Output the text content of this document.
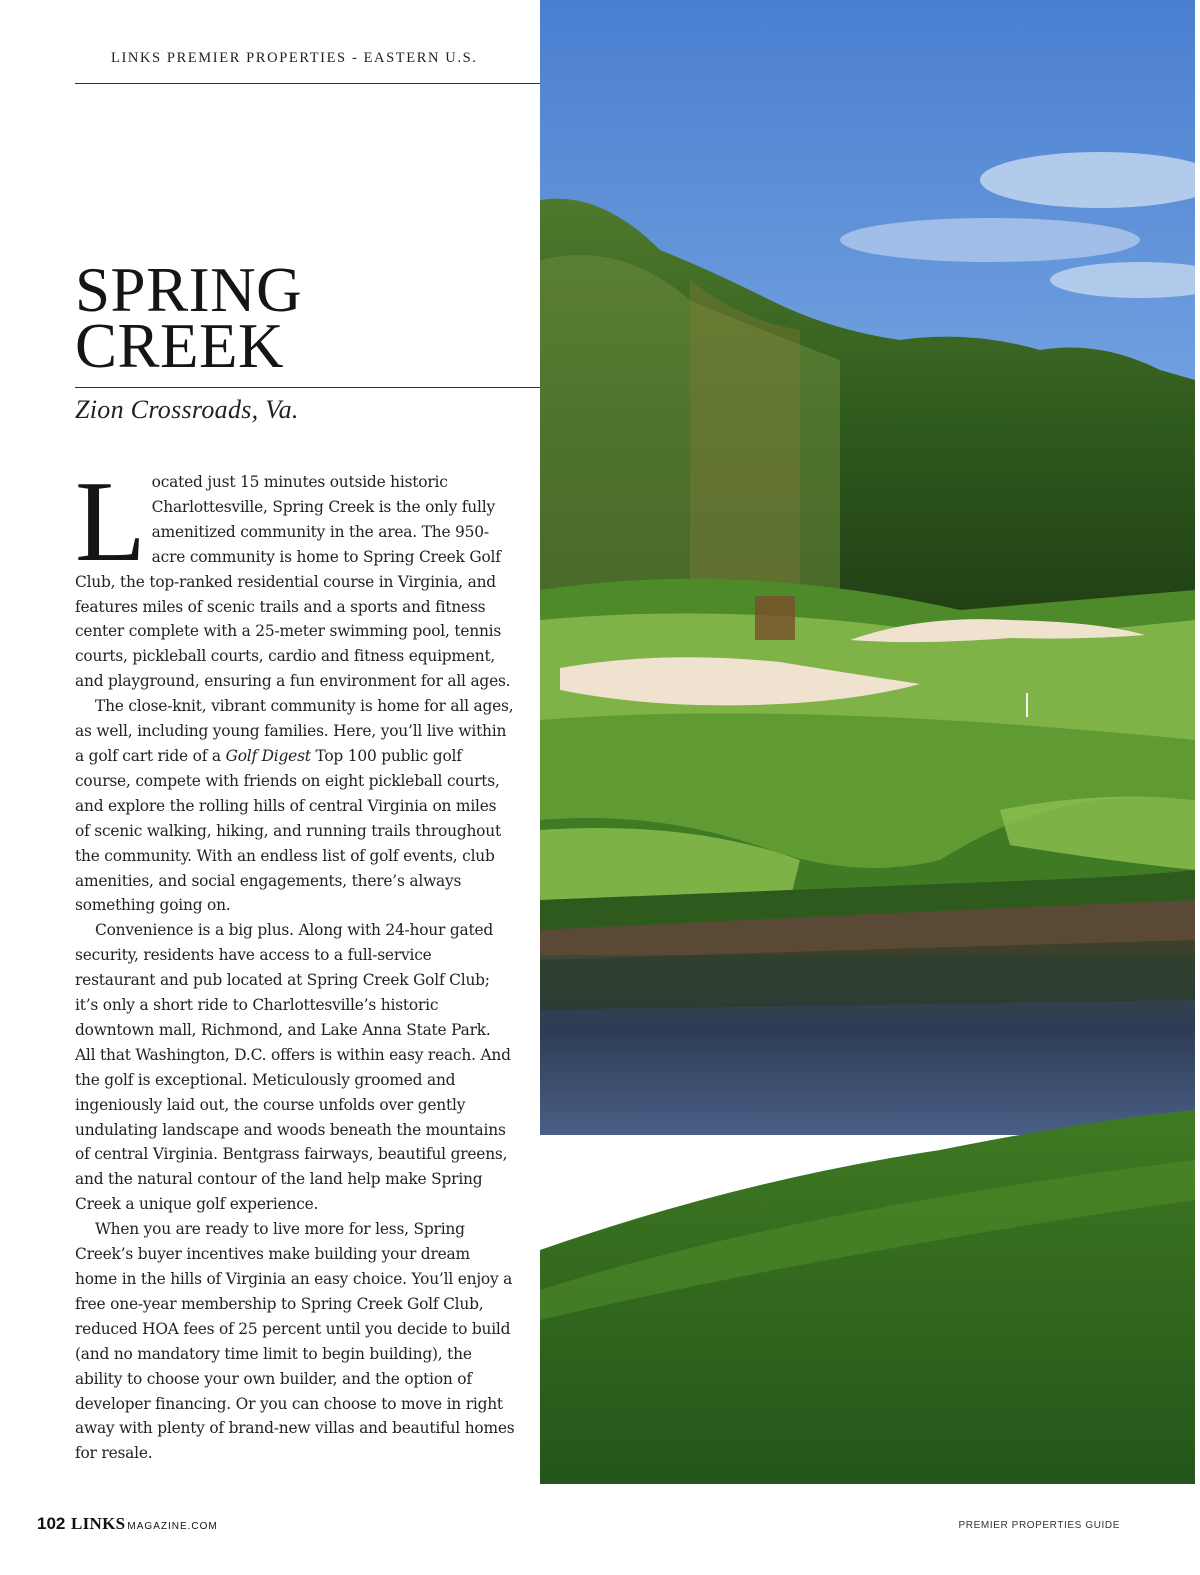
LINKS PREMIER PROPERTIES - EASTERN U.S.
SPRING
CREEK
Zion Crossroads, Va.

Located just 15 minutes outside historic Charlottesville, Spring Creek is the only fully amenitized community in the area. The 950-acre community is home to Spring Creek Golf Club, the top-ranked residential course in Virginia, and features miles of scenic trails and a sports and fitness center complete with a 25-meter swimming pool, tennis courts, pickleball courts, cardio and fitness equipment, and playground, ensuring a fun environment for all ages.

The close-knit, vibrant community is home for all ages, as well, including young families. Here, you’ll live within a golf cart ride of a Golf Digest Top 100 public golf course, compete with friends on eight pickleball courts, and explore the rolling hills of central Virginia on miles of scenic walking, hiking, and running trails throughout the community. With an endless list of golf events, club amenities, and social engagements, there’s always something going on.

Convenience is a big plus. Along with 24-hour gated security, residents have access to a full-service restaurant and pub located at Spring Creek Golf Club; it’s only a short ride to Charlottesville’s historic downtown mall, Richmond, and Lake Anna State Park. All that Washington, D.C. offers is within easy reach. And the golf is exceptional. Meticulously groomed and ingeniously laid out, the course unfolds over gently undulating landscape and woods beneath the mountains of central Virginia. Bentgrass fairways, beautiful greens, and the natural contour of the land help make Spring Creek a unique golf experience.

When you are ready to live more for less, Spring Creek’s buyer incentives make building your dream home in the hills of Virginia an easy choice. You’ll enjoy a free one-year membership to Spring Creek Golf Club, reduced HOA fees of 25 percent until you decide to build (and no mandatory time limit to begin building), the ability to choose your own builder, and the option of developer financing. Or you can choose to move in right away with plenty of brand-new villas and beautiful homes for resale.

102 LINKS MAGAZINE.COM	PREMIER PROPERTIES GUIDE
